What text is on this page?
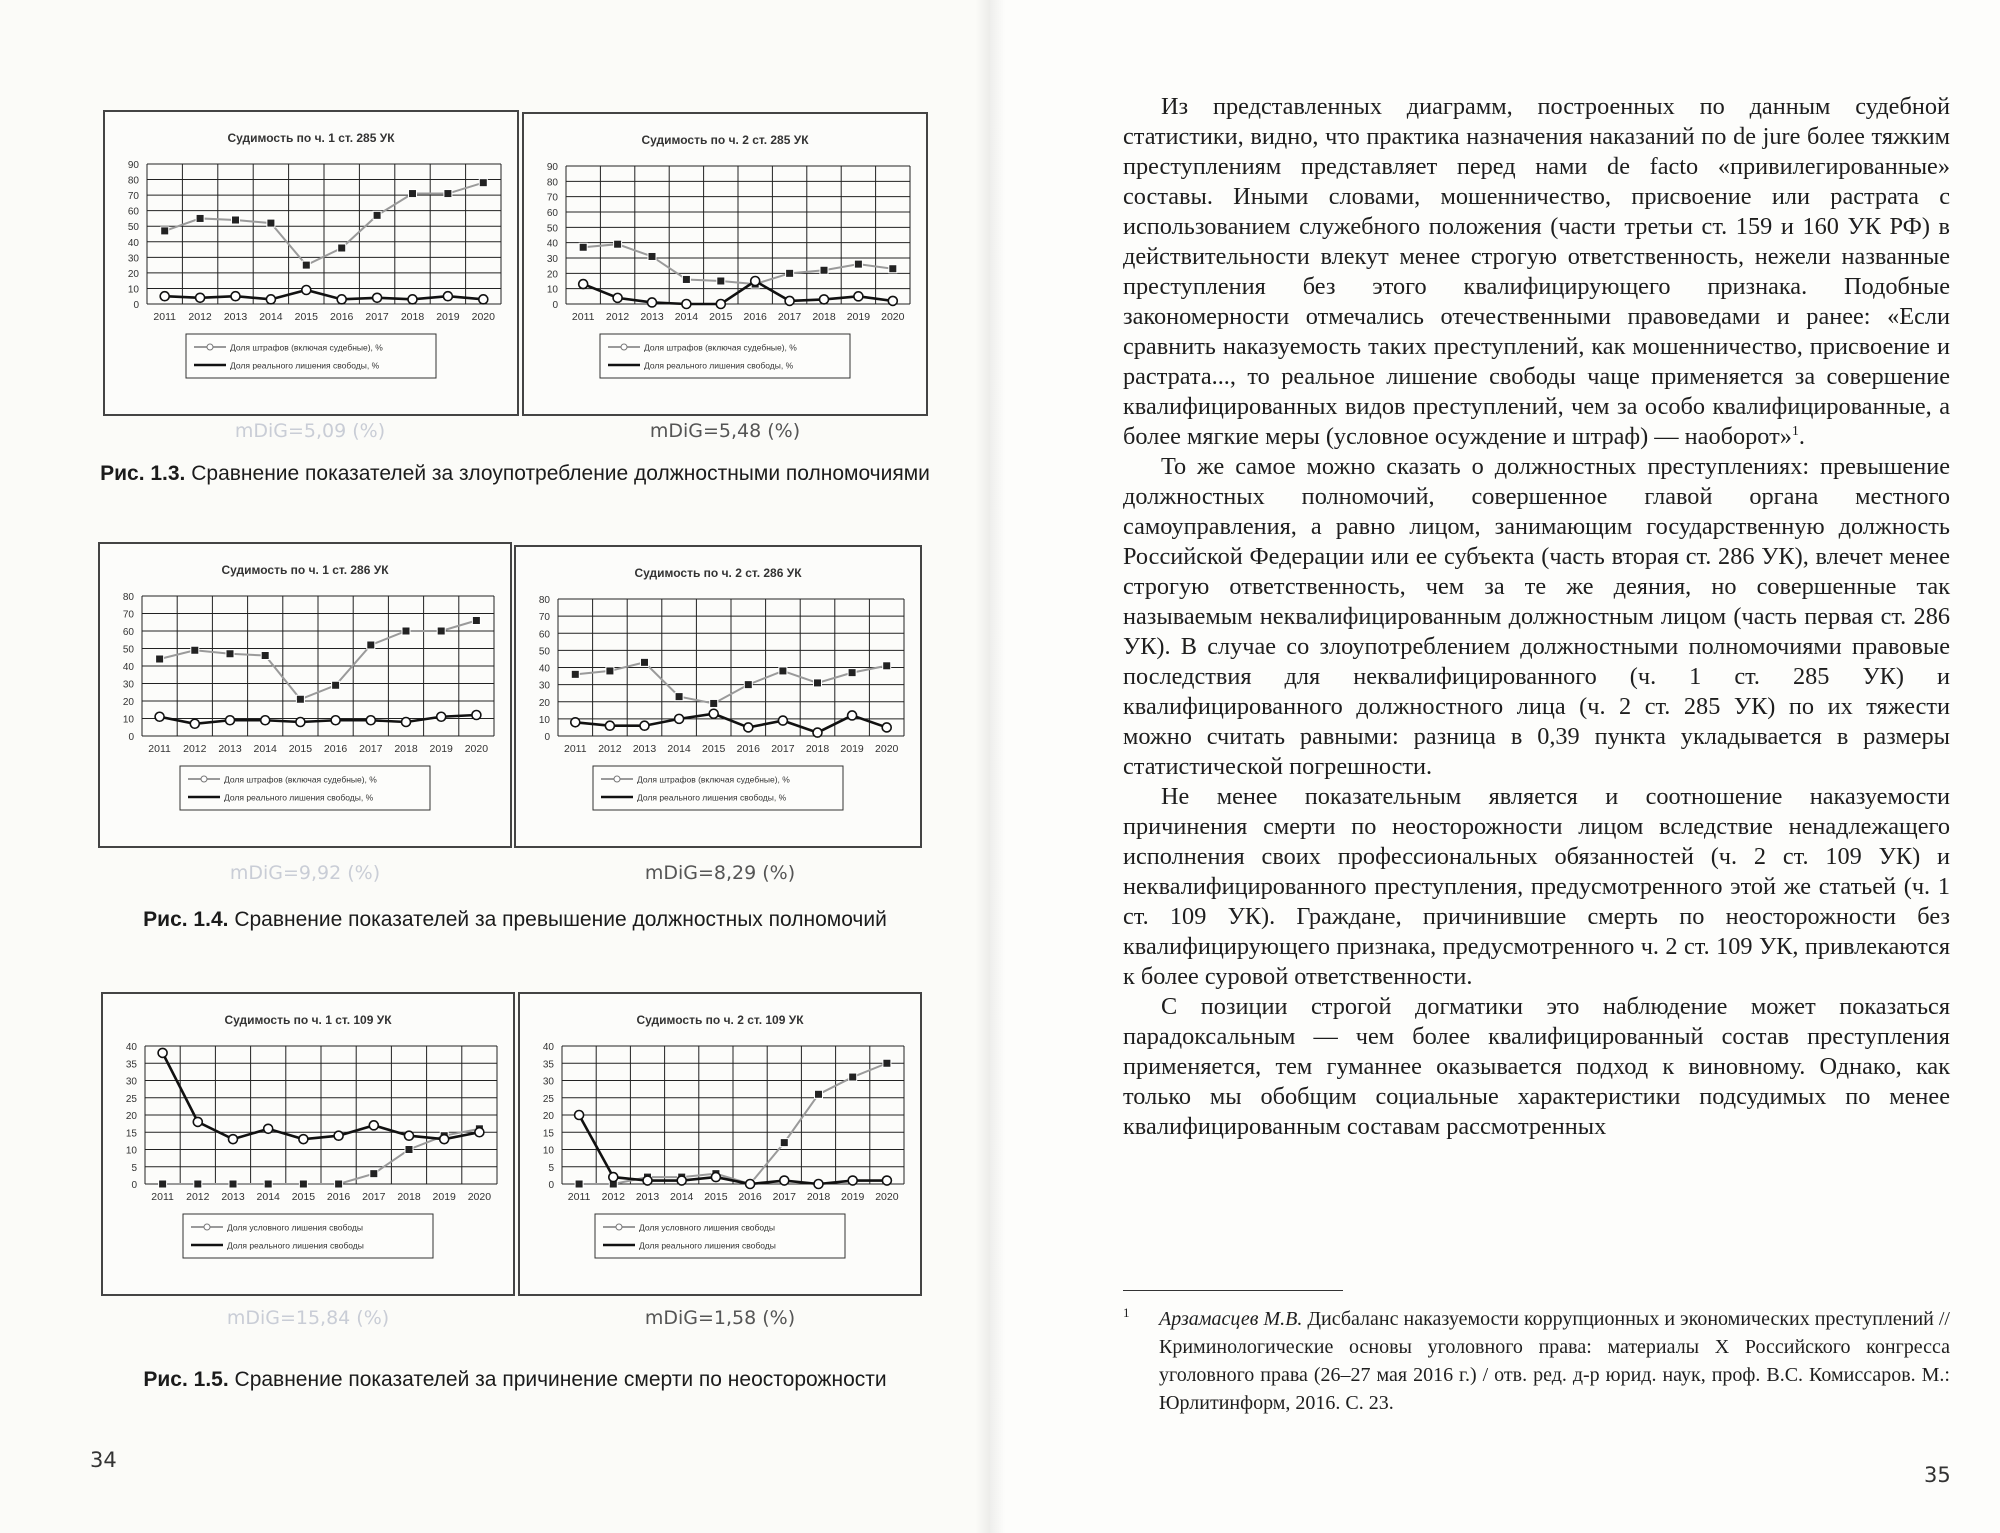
Судимость по ч. 1 ст. 285 УК
0
10
20
30
40
50
60
70
80
90
2011 2012 2013 2014 2015 2016 2017 2018 2019 2020
Доля штрафов (включая судебные), %
Доля реального лишения свободы, %
Судимость по ч. 2 ст. 285 УК
0
10
20
30
40
50
60
70
80
90
2011 2012 2013 2014 2015 2016 2017 2018 2019 2020
Доля штрафов (включая судебные), %
Доля реального лишения свободы, %
mDiG=5,09 (%)	mDiG=5,48 (%)
Рис. 1.3. Сравнение показателей за злоупотребление должностными полномочиями
Судимость по ч. 1 ст. 286 УК
0
10
20
30
40
50
60
70
80
2011 2012 2013 2014 2015 2016 2017 2018 2019 2020
Доля штрафов (включая судебные), %
Доля реального лишения свободы, %
Судимость по ч. 2 ст. 286 УК
0
10
20
30
40
50
60
70
80
2011 2012 2013 2014 2015 2016 2017 2018 2019 2020
Доля штрафов (включая судебные), %
Доля реального лишения свободы, %
mDiG=9,92 (%)	mDiG=8,29 (%)
Рис. 1.4. Сравнение показателей за превышение должностных полномочий
Судимость по ч. 1 ст. 109 УК
0
5
10
15
20
25
30
35
40
2011 2012 2013 2014 2015 2016 2017 2018 2019 2020
Доля условного лишения свободы
Доля реального лишения свободы
Судимость по ч. 2 ст. 109 УК
0
5
10
15
20
25
30
35
40
2011 2012 2013 2014 2015 2016 2017 2018 2019 2020
Доля условного лишения свободы
Доля реального лишения свободы
mDiG=15,84 (%)	mDiG=1,58 (%)
Рис. 1.5. Сравнение показателей за причинение смерти по неосторожности
34
35

Из представленных диаграмм, построенных по данным судебной статистики, видно, что практика назначения наказаний по de jure более тяжким преступлениям представляет перед нами de facto «привилегированные» составы. Иными словами, мошенничество, присвоение или растрата с использованием служебного положения (части третьи ст. 159 и 160 УК РФ) в действительности влекут менее строгую ответственность, нежели названные преступления без этого квалифицирующего признака. Подобные закономерности отмечались отечественными правоведами и ранее: «Если сравнить наказуемость таких преступлений, как мошенничество, присвоение и растрата..., то реальное лишение свободы чаще применяется за совершение квалифицированных видов преступлений, чем за особо квалифицированные, а более мягкие меры (условное осуждение и штраф) — наоборот»$^1$.

То же самое можно сказать о должностных преступлениях: превышение должностных полномочий, совершенное главой органа местного самоуправления, а равно лицом, занимающим государственную должность Российской Федерации или ее субъекта (часть вторая ст. 286 УК), влечет менее строгую ответственность, чем за те же деяния, но совершенные так называемым неквалифицированным должностным лицом (часть первая ст. 286 УК). В случае со злоупотреблением должностными полномочиями правовые последствия для неквалифицированного (ч. 1 ст. 285 УК) и квалифицированного должностного лица (ч. 2 ст. 285 УК) по их тяжести можно считать равными: разница в 0,39 пункта укладывается в размеры статистической погрешности.

Не менее показательным является и соотношение наказуемости причинения смерти по неосторожности лицом вследствие ненадлежащего исполнения своих профессиональных обязанностей (ч. 2 ст. 109 УК) и неквалифицированного преступления, предусмотренного этой же статьей (ч. 1 ст. 109 УК). Граждане, причинившие смерть по неосторожности без квалифицирующего признака, предусмотренного ч. 2 ст. 109 УК, привлекаются к более суровой ответственности.

С позиции строгой догматики это наблюдение может показаться парадоксальным — чем более квалифицированный состав преступления применяется, тем гуманнее оказывается подход к виновному. Однако, как только мы обобщим социальные характеристики подсудимых по менее квалифицированным составам рассмотренных

1 Арзамасцев М.В. Дисбаланс наказуемости коррупционных и экономических преступлений // Криминологические основы уголовного права: материалы X Российского конгресса уголовного права (26–27 мая 2016 г.) / отв. ред. д-р юрид. наук, проф. В.С. Комиссаров. М.: Юрлитинформ, 2016. С. 23.
